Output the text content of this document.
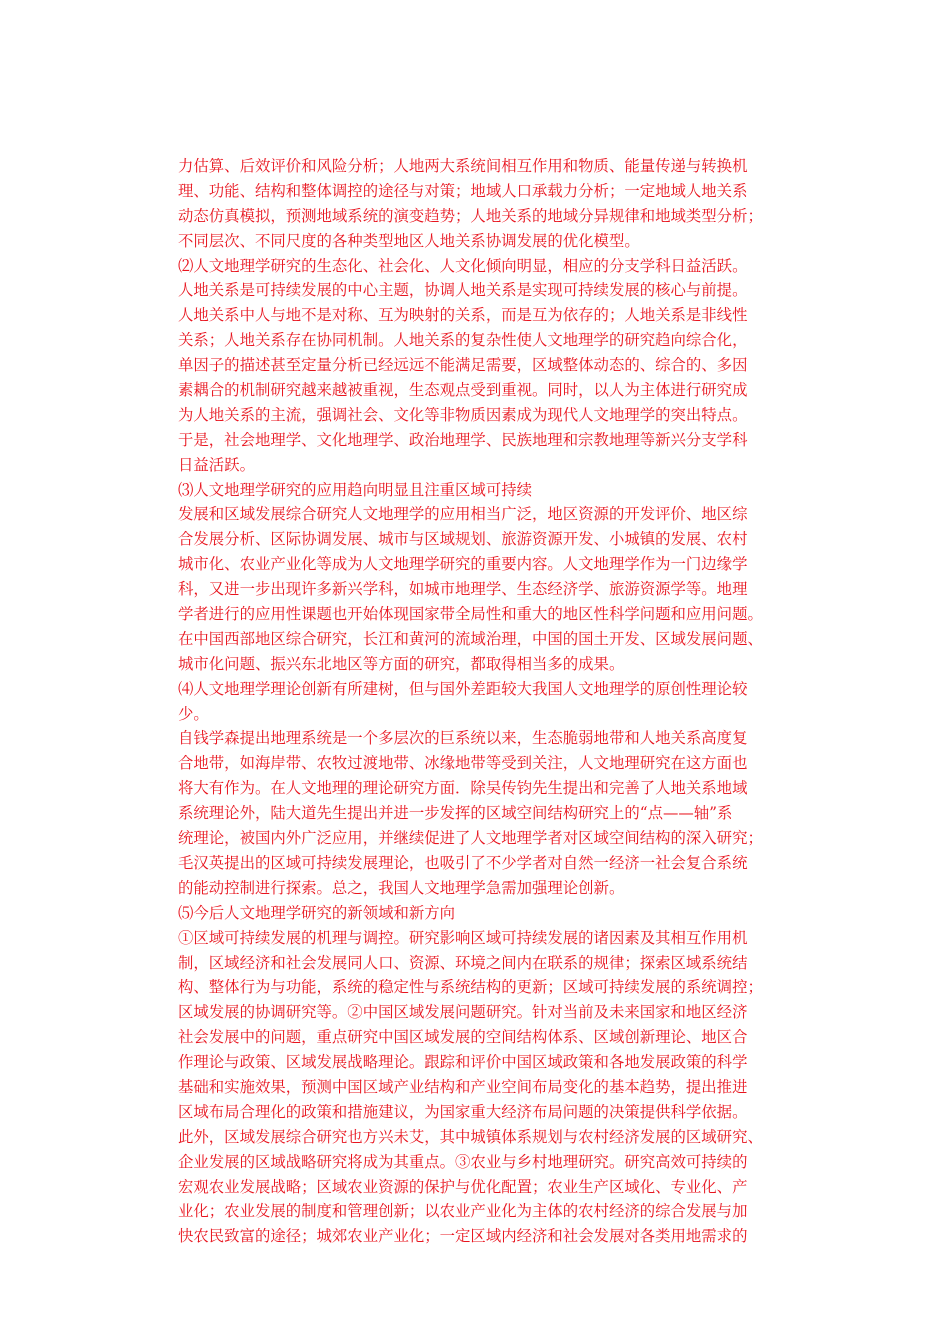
力估算、后效评价和风险分析；人地两大系统间相互作用和物质、能量传递与转换机
理、功能、结构和整体调控的途径与对策；地域人口承载力分析；一定地域人地关系
动态仿真模拟，预测地域系统的演变趋势；人地关系的地域分异规律和地域类型分析；
不同层次、不同尺度的各种类型地区人地关系协调发展的优化模型。
⑵人文地理学研究的生态化、社会化、人文化倾向明显，相应的分支学科日益活跃。
人地关系是可持续发展的中心主题，协调人地关系是实现可持续发展的核心与前提。
人地关系中人与地不是对称、互为映射的关系，而是互为依存的；人地关系是非线性
关系；人地关系存在协同机制。人地关系的复杂性使人文地理学的研究趋向综合化，
单因子的描述甚至定量分析已经远远不能满足需要，区域整体动态的、综合的、多因
素耦合的机制研究越来越被重视，生态观点受到重视。同时，以人为主体进行研究成
为人地关系的主流，强调社会、文化等非物质因素成为现代人文地理学的突出特点。
于是，社会地理学、文化地理学、政治地理学、民族地理和宗教地理等新兴分支学科
日益活跃。
⑶人文地理学研究的应用趋向明显且注重区域可持续
发展和区域发展综合研究人文地理学的应用相当广泛，地区资源的开发评价、地区综
合发展分析、区际协调发展、城市与区域规划、旅游资源开发、小城镇的发展、农村
城市化、农业产业化等成为人文地理学研究的重要内容。人文地理学作为一门边缘学
科，又进一步出现许多新兴学科，如城市地理学、生态经济学、旅游资源学等。地理
学者进行的应用性课题也开始体现国家带全局性和重大的地区性科学问题和应用问题。
在中国西部地区综合研究，长江和黄河的流域治理，中国的国土开发、区域发展问题、
城市化问题、振兴东北地区等方面的研究，都取得相当多的成果。
⑷人文地理学理论创新有所建树，但与国外差距较大我国人文地理学的原创性理论较
少。
自钱学森提出地理系统是一个多层次的巨系统以来，生态脆弱地带和人地关系高度复
合地带，如海岸带、农牧过渡地带、冰缘地带等受到关注，人文地理研究在这方面也
将大有作为。在人文地理的理论研究方面．除吴传钧先生提出和完善了人地关系地域
系统理论外，陆大道先生提出并进一步发挥的区域空间结构研究上的“点——轴”系
统理论，被国内外广泛应用，并继续促进了人文地理学者对区域空间结构的深入研究；
毛汉英提出的区域可持续发展理论，也吸引了不少学者对自然一经济一社会复合系统
的能动控制进行探索。总之，我国人文地理学急需加强理论创新。
⑸今后人文地理学研究的新领域和新方向
①区域可持续发展的机理与调控。研究影响区域可持续发展的诸因素及其相互作用机
制，区域经济和社会发展同人口、资源、环境之间内在联系的规律；探索区域系统结
构、整体行为与功能，系统的稳定性与系统结构的更新；区域可持续发展的系统调控；
区域发展的协调研究等。②中国区域发展问题研究。针对当前及未来国家和地区经济
社会发展中的问题，重点研究中国区域发展的空间结构体系、区域创新理论、地区合
作理论与政策、区域发展战略理论。跟踪和评价中国区域政策和各地发展政策的科学
基础和实施效果，预测中国区域产业结构和产业空间布局变化的基本趋势，提出推进
区域布局合理化的政策和措施建议，为国家重大经济布局问题的决策提供科学依据。
此外，区域发展综合研究也方兴未艾，其中城镇体系规划与农村经济发展的区域研究、
企业发展的区域战略研究将成为其重点。③农业与乡村地理研究。研究高效可持续的
宏观农业发展战略；区域农业资源的保护与优化配置；农业生产区域化、专业化、产
业化；农业发展的制度和管理创新；以农业产业化为主体的农村经济的综合发展与加
快农民致富的途径；城郊农业产业化；一定区域内经济和社会发展对各类用地需求的
